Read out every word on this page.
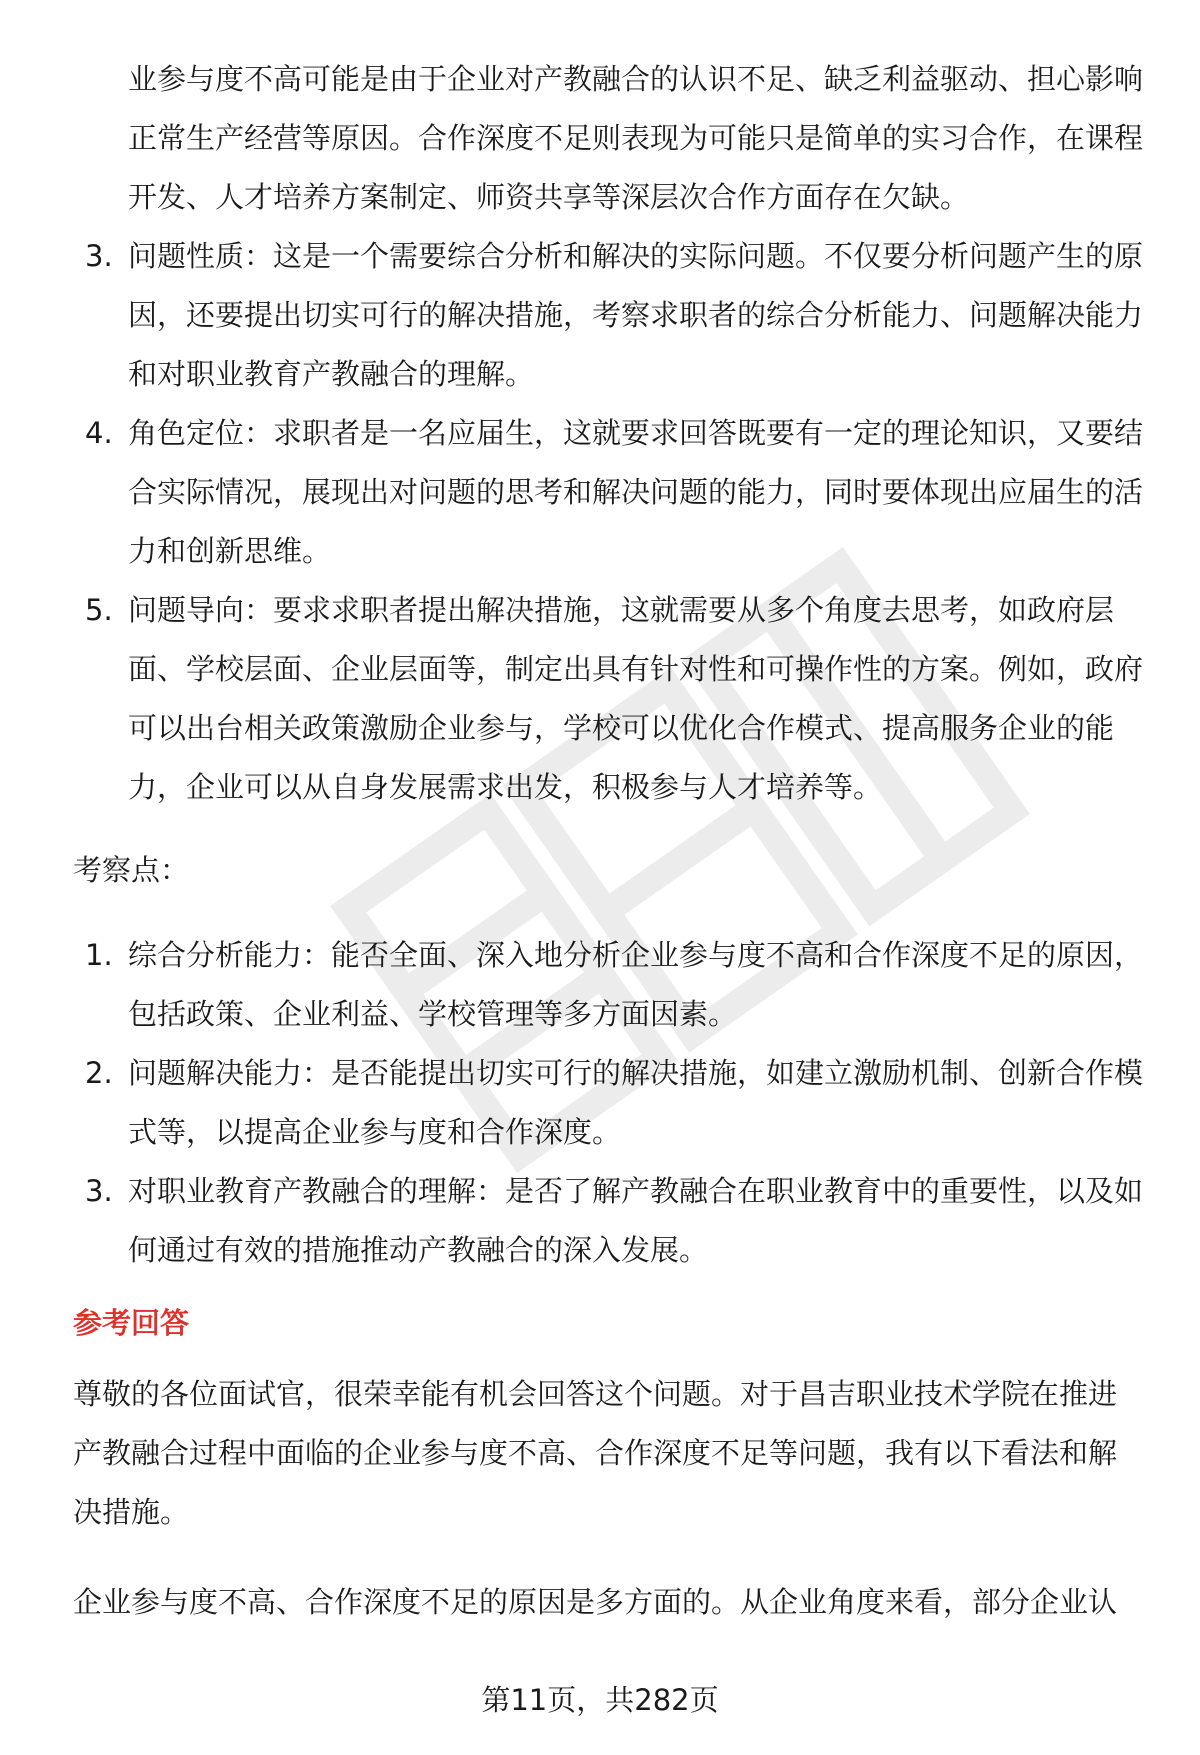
业参与度不高可能是由于企业对产教融合的认识不足、缺乏利益驱动、担心影响正常生产经营等原因。合作深度不足则表现为可能只是简单的实习合作，在课程开发、人才培养方案制定、师资共享等深层次合作方面存在欠缺。

3. 问题性质：这是一个需要综合分析和解决的实际问题。不仅要分析问题产生的原因，还要提出切实可行的解决措施，考察求职者的综合分析能力、问题解决能力和对职业教育产教融合的理解。
4. 角色定位：求职者是一名应届生，这就要求回答既要有一定的理论知识，又要结合实际情况，展现出对问题的思考和解决问题的能力，同时要体现出应届生的活力和创新思维。
5. 问题导向：要求求职者提出解决措施，这就需要从多个角度去思考，如政府层面、学校层面、企业层面等，制定出具有针对性和可操作性的方案。例如，政府可以出台相关政策激励企业参与，学校可以优化合作模式、提高服务企业的能力，企业可以从自身发展需求出发，积极参与人才培养等。

考察点：

1. 综合分析能力：能否全面、深入地分析企业参与度不高和合作深度不足的原因，包括政策、企业利益、学校管理等多方面因素。
2. 问题解决能力：是否能提出切实可行的解决措施，如建立激励机制、创新合作模式等，以提高企业参与度和合作深度。
3. 对职业教育产教融合的理解：是否了解产教融合在职业教育中的重要性，以及如何通过有效的措施推动产教融合的深入发展。

参考回答

尊敬的各位面试官，很荣幸能有机会回答这个问题。对于昌吉职业技术学院在推进产教融合过程中面临的企业参与度不高、合作深度不足等问题，我有以下看法和解决措施。

企业参与度不高、合作深度不足的原因是多方面的。从企业角度来看，部分企业认

第11页，共282页
